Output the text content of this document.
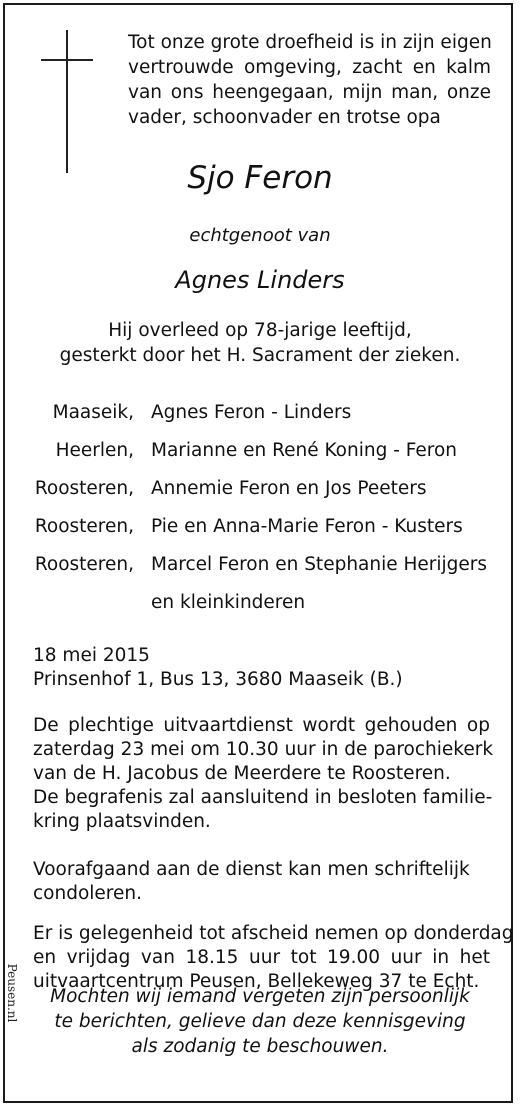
Tot onze grote droefheid is in zijn eigen
vertrouwde omgeving, zacht en kalm
van ons heengegaan, mijn man, onze
vader, schoonvader en trotse opa
Sjo Feron
echtgenoot van
Agnes Linders
Hij overleed op 78-jarige leeftijd,
gesterkt door het H. Sacrament der zieken.
Maaseik, Agnes Feron - Linders
Heerlen, Marianne en René Koning - Feron
Roosteren, Annemie Feron en Jos Peeters
Roosteren, Pie en Anna-Marie Feron - Kusters
Roosteren, Marcel Feron en Stephanie Herijgers
en kleinkinderen
18 mei 2015
Prinsenhof 1, Bus 13, 3680 Maaseik (B.)
De plechtige uitvaartdienst wordt gehouden op
zaterdag 23 mei om 10.30 uur in de parochiekerk
van de H. Jacobus de Meerdere te Roosteren.
De begrafenis zal aansluitend in besloten familie-
kring plaatsvinden.
Voorafgaand aan de dienst kan men schriftelijk
condoleren.
Er is gelegenheid tot afscheid nemen op donderdag
en vrijdag van 18.15 uur tot 19.00 uur in het
uitvaartcentrum Peusen, Bellekeweg 37 te Echt.
Mochten wij iemand vergeten zijn persoonlijk
te berichten, gelieve dan deze kennisgeving
als zodanig te beschouwen.
Peusen.nl
